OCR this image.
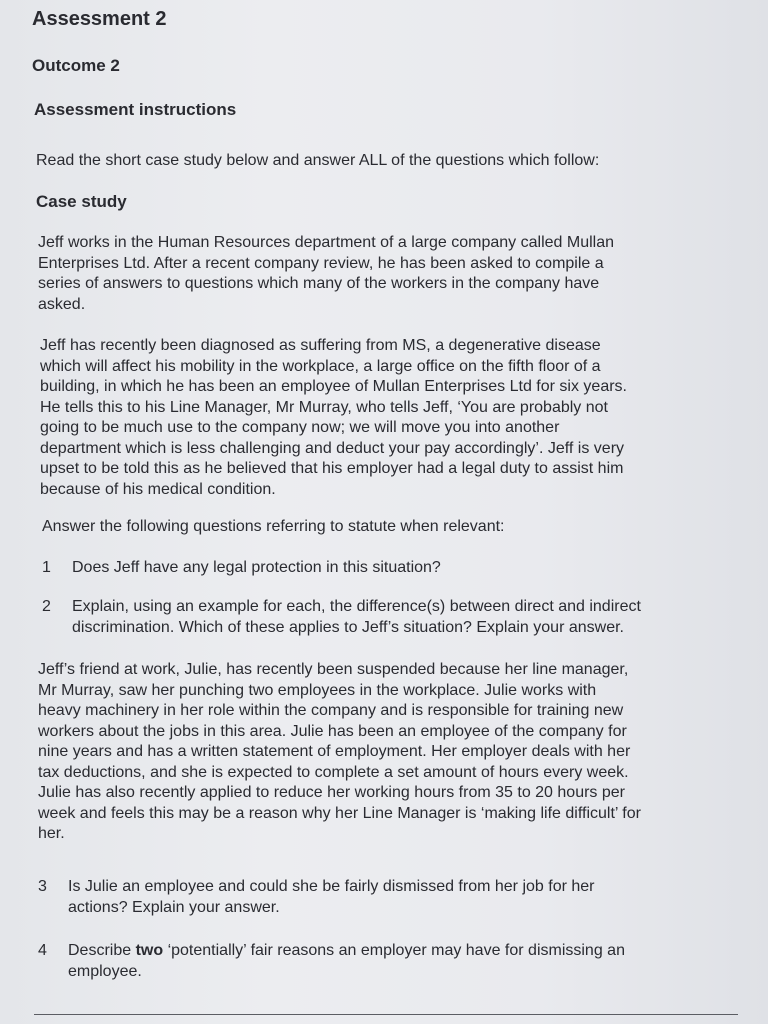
Assessment 2
Outcome 2
Assessment instructions
Read the short case study below and answer ALL of the questions which follow:
Case study
Jeff works in the Human Resources department of a large company called Mullan
Enterprises Ltd. After a recent company review, he has been asked to compile a
series of answers to questions which many of the workers in the company have
asked.
Jeff has recently been diagnosed as suffering from MS, a degenerative disease
which will affect his mobility in the workplace, a large office on the fifth floor of a
building, in which he has been an employee of Mullan Enterprises Ltd for six years.
He tells this to his Line Manager, Mr Murray, who tells Jeff, ‘You are probably not
going to be much use to the company now; we will move you into another
department which is less challenging and deduct your pay accordingly’. Jeff is very
upset to be told this as he believed that his employer had a legal duty to assist him
because of his medical condition.
Answer the following questions referring to statute when relevant:
1 Does Jeff have any legal protection in this situation?
2 Explain, using an example for each, the difference(s) between direct and indirect
discrimination. Which of these applies to Jeff’s situation? Explain your answer.
Jeff’s friend at work, Julie, has recently been suspended because her line manager,
Mr Murray, saw her punching two employees in the workplace. Julie works with
heavy machinery in her role within the company and is responsible for training new
workers about the jobs in this area. Julie has been an employee of the company for
nine years and has a written statement of employment. Her employer deals with her
tax deductions, and she is expected to complete a set amount of hours every week.
Julie has also recently applied to reduce her working hours from 35 to 20 hours per
week and feels this may be a reason why her Line Manager is ‘making life difficult’ for
her.
3 Is Julie an employee and could she be fairly dismissed from her job for her
actions? Explain your answer.
4 Describe two ‘potentially’ fair reasons an employer may have for dismissing an
employee.
